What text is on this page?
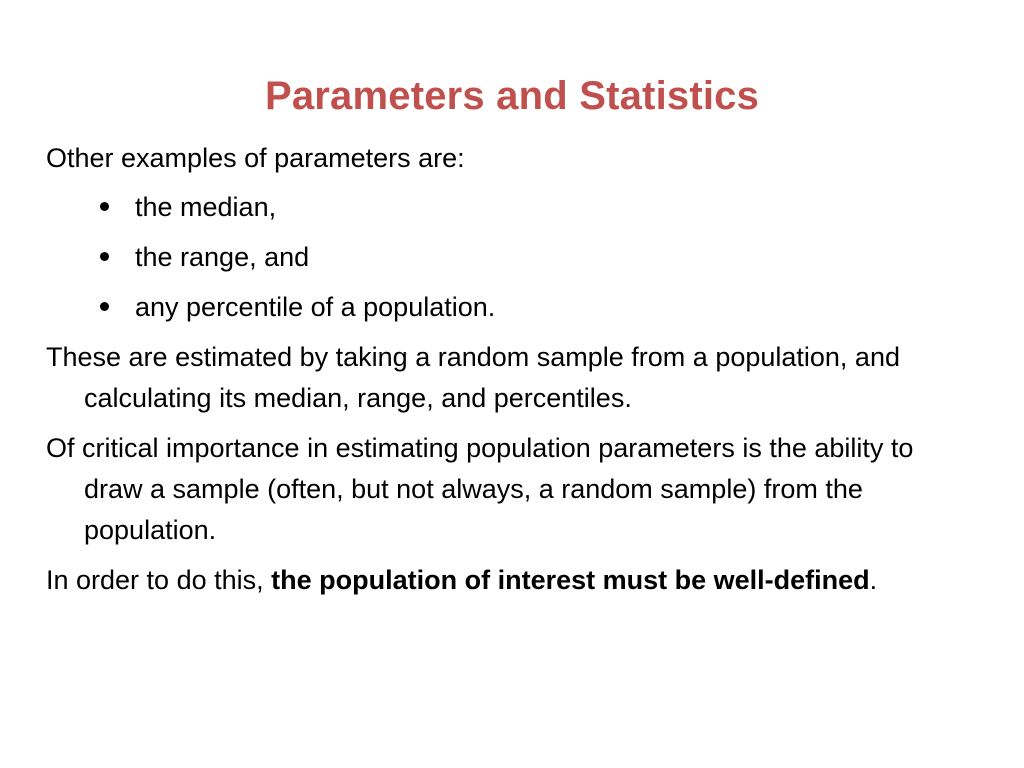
Parameters and Statistics

Other examples of parameters are:

the median,
the range, and
any percentile of a population.

These are estimated by taking a random sample from a population, and calculating its median, range, and percentiles.

Of critical importance in estimating population parameters is the ability to draw a sample (often, but not always, a random sample) from the population.

In order to do this, the population of interest must be well-defined.
